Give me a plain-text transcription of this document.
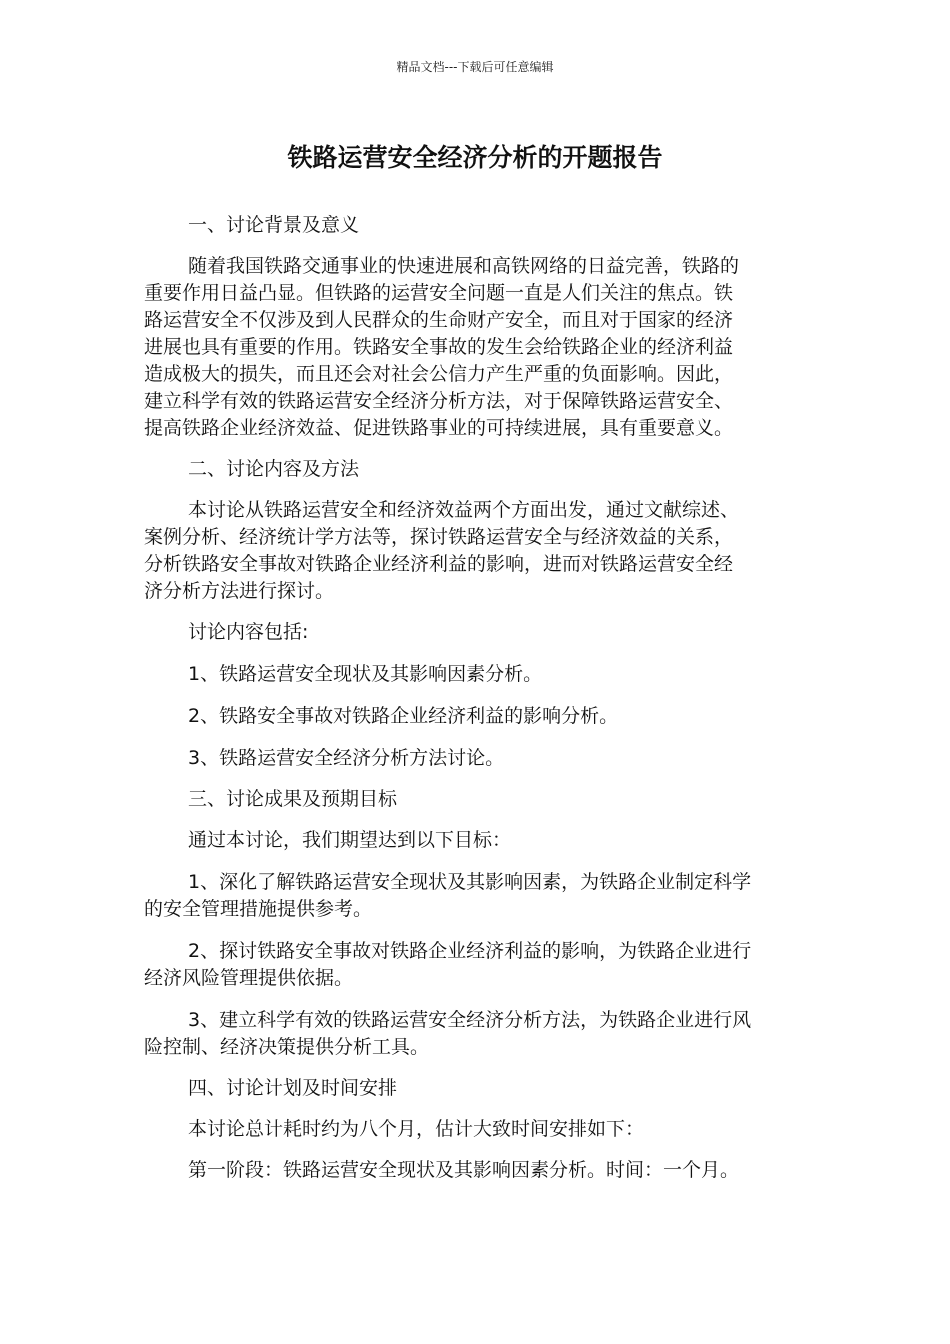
精品文档---下载后可任意编辑
铁路运营安全经济分析的开题报告

一、讨论背景及意义

随着我国铁路交通事业的快速进展和高铁网络的日益完善，铁路的
重要作用日益凸显。但铁路的运营安全问题一直是人们关注的焦点。铁
路运营安全不仅涉及到人民群众的生命财产安全，而且对于国家的经济
进展也具有重要的作用。铁路安全事故的发生会给铁路企业的经济利益
造成极大的损失，而且还会对社会公信力产生严重的负面影响。因此，
建立科学有效的铁路运营安全经济分析方法，对于保障铁路运营安全、
提高铁路企业经济效益、促进铁路事业的可持续进展，具有重要意义。

二、讨论内容及方法

本讨论从铁路运营安全和经济效益两个方面出发，通过文献综述、
案例分析、经济统计学方法等，探讨铁路运营安全与经济效益的关系，
分析铁路安全事故对铁路企业经济利益的影响，进而对铁路运营安全经
济分析方法进行探讨。

讨论内容包括:

1、铁路运营安全现状及其影响因素分析。

2、铁路安全事故对铁路企业经济利益的影响分析。

3、铁路运营安全经济分析方法讨论。

三、讨论成果及预期目标

通过本讨论，我们期望达到以下目标：

1、深化了解铁路运营安全现状及其影响因素，为铁路企业制定科学
的安全管理措施提供参考。

2、探讨铁路安全事故对铁路企业经济利益的影响，为铁路企业进行
经济风险管理提供依据。

3、建立科学有效的铁路运营安全经济分析方法，为铁路企业进行风
险控制、经济决策提供分析工具。

四、讨论计划及时间安排

本讨论总计耗时约为八个月，估计大致时间安排如下：

第一阶段：铁路运营安全现状及其影响因素分析。时间：一个月。
